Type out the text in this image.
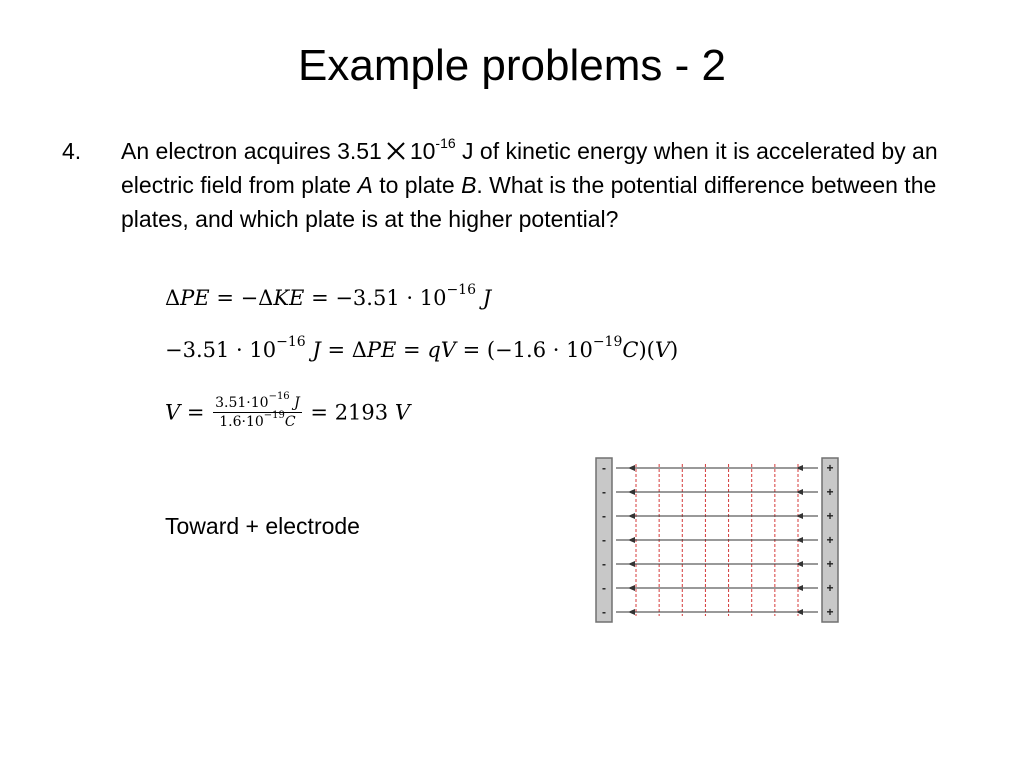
Example problems - 2
4. An electron acquires 3.51 $10^{-16}$ J of kinetic energy when it is accelerated by an electric field from plate A to plate B. What is the potential difference between the plates, and which plate is at the higher potential?
$\Delta PE = -\Delta KE = -3.51 \cdot 10^{-16}$ J
$-3.51 \cdot 10^{-16}$ J = ΔPE = qV = $(-1.6 \cdot 10^{-19}C)(V)$
$V = \frac{3.51\cdot 10^{-16} J}{1.6\cdot 10^{-19}C} = 2193$ V
Toward + electrode
-	+
-	+
-	+
-	+
-	+
-	+
-	+
